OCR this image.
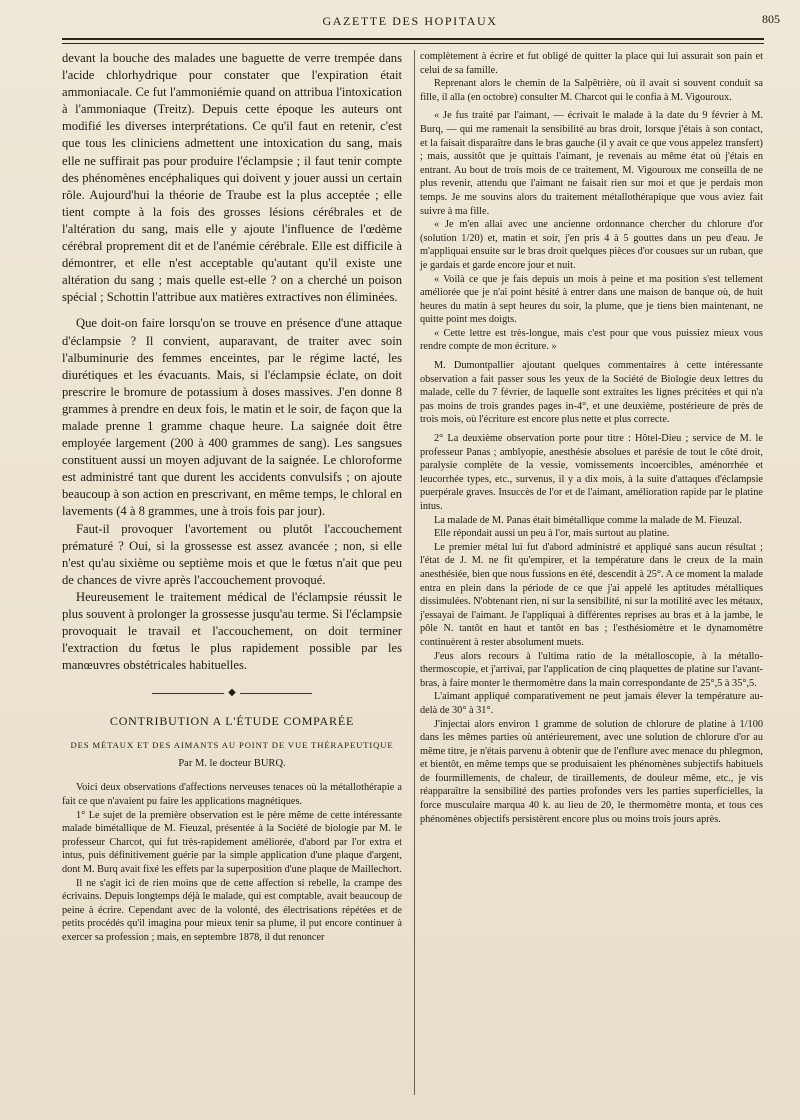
GAZETTE DES HOPITAUX	805

devant la bouche des malades une baguette de verre trempée dans l'acide chlorhydrique pour constater que l'expiration était ammoniacale. Ce fut l'ammoniémie quand on attribua l'intoxication à l'ammoniaque (Treitz). Depuis cette époque les auteurs ont modifié les diverses interprétations. Ce qu'il faut en retenir, c'est que tous les cliniciens admettent une intoxication du sang, mais elle ne suffirait pas pour produire l'éclampsie ; il faut tenir compte des phénomènes encéphaliques qui doivent y jouer aussi un certain rôle. Aujourd'hui la théorie de Traube est la plus acceptée ; elle tient compte à la fois des grosses lésions cérébrales et de l'altération du sang, mais elle y ajoute l'influence de l'œdème cérébral proprement dit et de l'anémie cérébrale. Elle est difficile à démontrer, et elle n'est acceptable qu'autant qu'il existe une altération du sang ; mais quelle est-elle ? on a cherché un poison spécial ; Schottin l'attribue aux matières extractives non éliminées.

Que doit-on faire lorsqu'on se trouve en présence d'une attaque d'éclampsie ? Il convient, auparavant, de traiter avec soin l'albuminurie des femmes enceintes, par le régime lacté, les diurétiques et les évacuants. Mais, si l'éclampsie éclate, on doit prescrire le bromure de potassium à doses massives. J'en donne 8 grammes à prendre en deux fois, le matin et le soir, de façon que la malade prenne 1 gramme chaque heure. La saignée doit être employée largement (200 à 400 grammes de sang). Les sangsues constituent aussi un moyen adjuvant de la saignée. Le chloroforme est administré tant que durent les accidents convulsifs ; on ajoute beaucoup à son action en prescrivant, en même temps, le chloral en lavements (4 à 8 grammes, une à trois fois par jour).

Faut-il provoquer l'avortement ou plutôt l'accouchement prématuré ? Oui, si la grossesse est assez avancée ; non, si elle n'est qu'au sixième ou septième mois et que le fœtus n'ait que peu de chances de vivre après l'accouchement provoqué.

Heureusement le traitement médical de l'éclampsie réussit le plus souvent à prolonger la grossesse jusqu'au terme. Si l'éclampsie provoquait le travail et l'accouchement, on doit terminer l'extraction du fœtus le plus rapidement possible par les manœuvres obstétricales habituelles.

◆
CONTRIBUTION A L'ÉTUDE COMPARÉE
DES MÉTAUX ET DES AIMANTS AU POINT DE VUE THÉRAPEUTIQUE
Par M. le docteur BURQ.

Voici deux observations d'affections nerveuses tenaces où la métallothérapie a fait ce que n'avaient pu faire les applications magnétiques.

1° Le sujet de la première observation est le père même de cette intéressante malade bimétallique de M. Fieuzal, présentée à la Société de biologie par M. le professeur Charcot, qui fut très-rapidement améliorée, d'abord par l'or extra et intus, puis définitivement guérie par la simple application d'une plaque d'argent, dont M. Burq avait fixé les effets par la superposition d'une plaque de Maillechort.

Il ne s'agit ici de rien moins que de cette affection si rebelle, la crampe des écrivains. Depuis longtemps déjà le malade, qui est comptable, avait beaucoup de peine à écrire. Cependant avec de la volonté, des électrisations répétées et de petits procédés qu'il imagina pour mieux tenir sa plume, il put encore continuer à exercer sa profession ; mais, en septembre 1878, il dut renoncer

complètement à écrire et fut obligé de quitter la place qui lui assurait son pain et celui de sa famille.

Reprenant alors le chemin de la Salpêtrière, où il avait si souvent conduit sa fille, il alla (en octobre) consulter M. Charcot qui le confia à M. Vigouroux.

« Je fus traité par l'aimant, — écrivait le malade à la date du 9 février à M. Burq, — qui me ramenait la sensibilité au bras droit, lorsque j'étais à son contact, et la faisait disparaître dans le bras gauche (il y avait ce que vous appelez transfert) ; mais, aussitôt que je quittais l'aimant, je revenais au même état où j'étais en entrant. Au bout de trois mois de ce traitement, M. Vigouroux me conseilla de ne plus revenir, attendu que l'aimant ne faisait rien sur moi et que je perdais mon temps. Je me souvins alors du traitement métallothérapique que vous aviez fait suivre à ma fille.

« Je m'en allai avec une ancienne ordonnance chercher du chlorure d'or (solution 1/20) et, matin et soir, j'en pris 4 à 5 gouttes dans un peu d'eau. Je m'appliquai ensuite sur le bras droit quelques pièces d'or cousues sur un ruban, que je gardais et garde encore jour et nuit.

« Voilà ce que je fais depuis un mois à peine et ma position s'est tellement améliorée que je n'ai point hésité à entrer dans une maison de banque où, de huit heures du matin à sept heures du soir, la plume, que je tiens bien maintenant, ne quitte point mes doigts.

« Cette lettre est très-longue, mais c'est pour que vous puissiez mieux vous rendre compte de mon écriture. »

M. Dumontpallier ajoutant quelques commentaires à cette intéressante observation a fait passer sous les yeux de la Société de Biologie deux lettres du malade, celle du 7 février, de laquelle sont extraites les lignes précitées et qui n'a pas moins de trois grandes pages in-4°, et une deuxième, postérieure de près de trois mois, où l'écriture est encore plus nette et plus correcte.

2° La deuxième observation porte pour titre : Hôtel-Dieu ; service de M. le professeur Panas ; amblyopie, anesthésie absolues et parésie de tout le côté droit, paralysie complète de la vessie, vomissements incoercibles, aménorrhée et leucorrhée types, etc., survenus, il y a dix mois, à la suite d'attaques d'éclampsie puerpérale graves. Insuccès de l'or et de l'aimant, amélioration rapide par le platine intus.

La malade de M. Panas était bimétallique comme la malade de M. Fieuzal.

Elle répondait aussi un peu à l'or, mais surtout au platine.

Le premier métal lui fut d'abord administré et appliqué sans aucun résultat ; l'état de J. M. ne fit qu'empirer, et la température dans le creux de la main anesthésiée, bien que nous fussions en été, descendit à 25°. A ce moment la malade entra en plein dans la période de ce que j'ai appelé les aptitudes métalliques dissimulées. N'obtenant rien, ni sur la sensibilité, ni sur la motilité avec les métaux, j'essayai de l'aimant. Je l'appliquai à différentes reprises au bras et à la jambe, le pôle N. tantôt en haut et tantôt en bas ; l'esthésiomètre et le dynamomètre continuèrent à rester absolument muets.

J'eus alors recours à l'ultima ratio de la métalloscopie, à la métallo-thermoscopie, et j'arrivai, par l'application de cinq plaquettes de platine sur l'avant-bras, à faire monter le thermomètre dans la main correspondante de 25°,5 à 35°,5.

L'aimant appliqué comparativement ne peut jamais élever la température au-delà de 30° à 31°.

J'injectai alors environ 1 gramme de solution de chlorure de platine à 1/100 dans les mêmes parties où antérieurement, avec une solution de chlorure d'or au même titre, je n'étais parvenu à obtenir que de l'enflure avec menace du phlegmon, et bientôt, en même temps que se produisaient les phénomènes subjectifs habituels de fourmillements, de chaleur, de tiraillements, de douleur même, etc., je vis réapparaître la sensibilité des parties profondes vers les parties superficielles, la force musculaire marqua 40 k. au lieu de 20, le thermomètre monta, et tous ces phénomènes objectifs persistèrent encore plus ou moins trois jours après.
